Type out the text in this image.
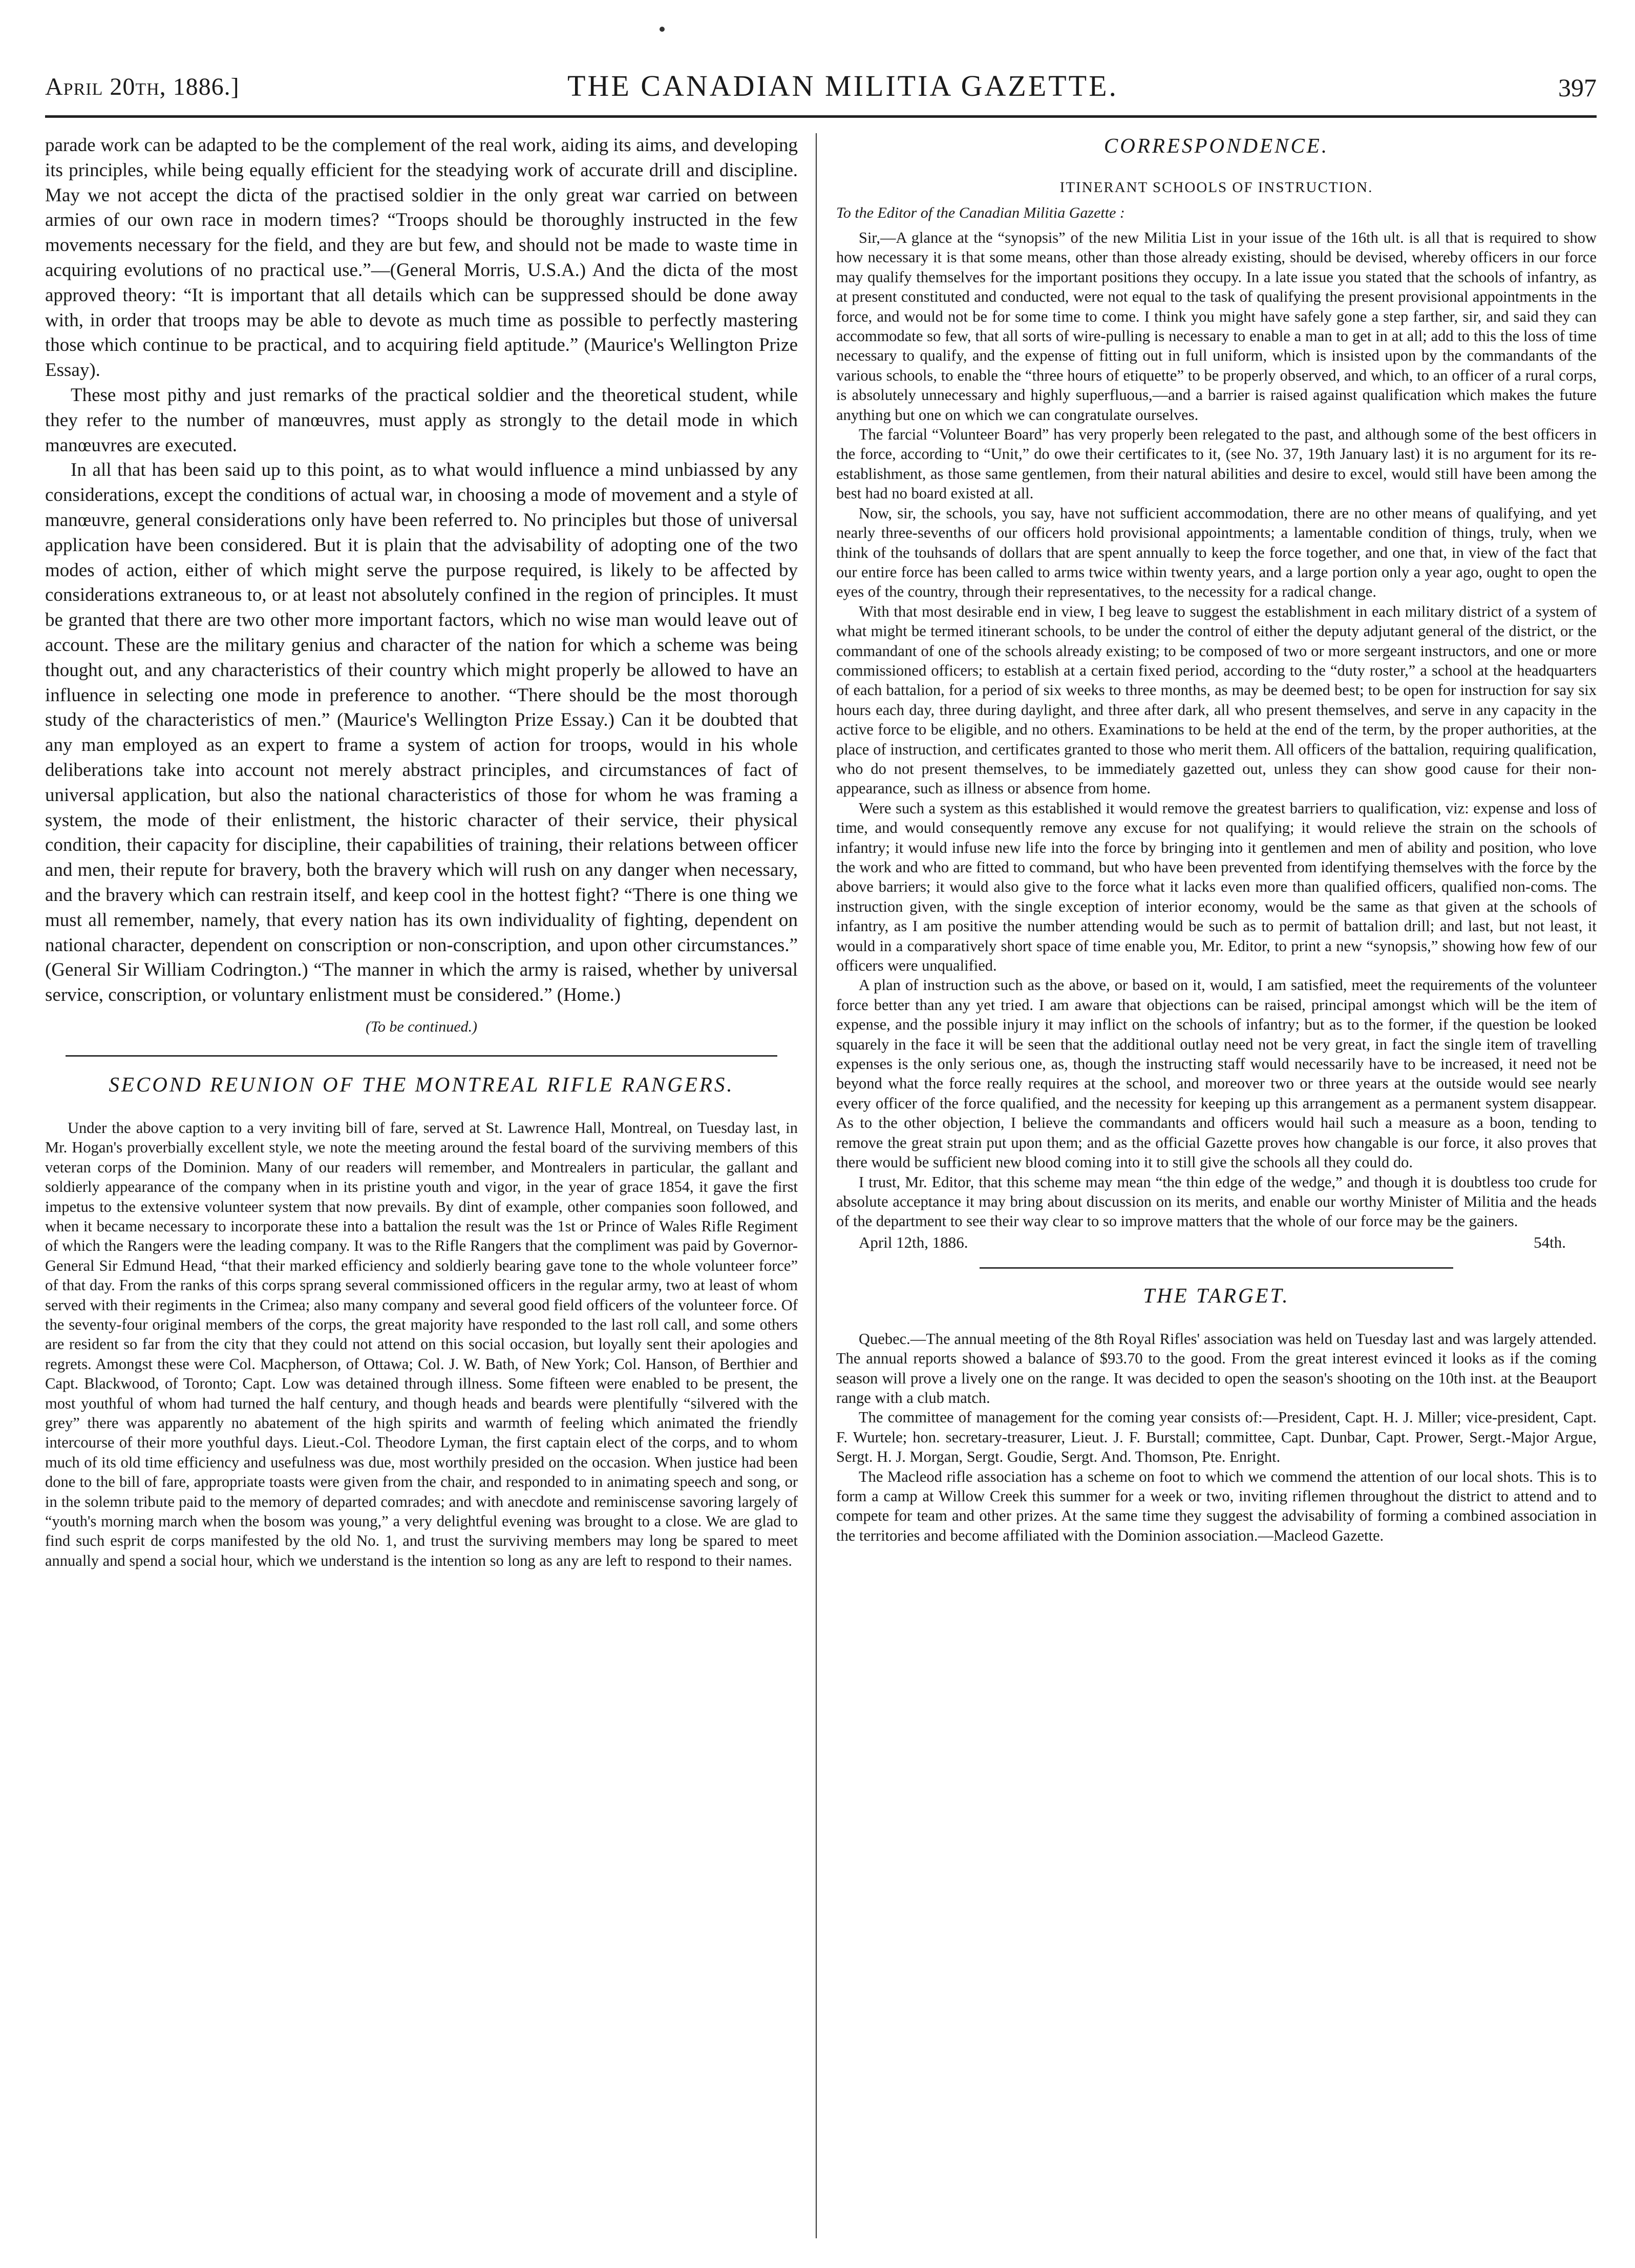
April 20th, 1886.]	THE CANADIAN MILITIA GAZETTE.	397

parade work can be adapted to be the complement of the real work, aiding its aims, and developing its principles, while being equally efficient for the steadying work of accurate drill and discipline. May we not accept the dicta of the practised soldier in the only great war carried on between armies of our own race in modern times? “Troops should be thoroughly instructed in the few movements necessary for the field, and they are but few, and should not be made to waste time in acquiring evolutions of no practical use.”—(General Morris, U.S.A.) And the dicta of the most approved theory: “It is important that all details which can be suppressed should be done away with, in order that troops may be able to devote as much time as possible to perfectly mastering those which continue to be practical, and to acquiring field aptitude.” (Maurice's Wellington Prize Essay).

These most pithy and just remarks of the practical soldier and the theoretical student, while they refer to the number of manœuvres, must apply as strongly to the detail mode in which manœuvres are executed.

In all that has been said up to this point, as to what would influence a mind unbiassed by any considerations, except the conditions of actual war, in choosing a mode of movement and a style of manœuvre, general considerations only have been referred to. No principles but those of universal application have been considered. But it is plain that the advisability of adopting one of the two modes of action, either of which might serve the purpose required, is likely to be affected by considerations extraneous to, or at least not absolutely confined in the region of principles. It must be granted that there are two other more important factors, which no wise man would leave out of account. These are the military genius and character of the nation for which a scheme was being thought out, and any characteristics of their country which might properly be allowed to have an influence in selecting one mode in preference to another. “There should be the most thorough study of the characteristics of men.” (Maurice's Wellington Prize Essay.) Can it be doubted that any man employed as an expert to frame a system of action for troops, would in his whole deliberations take into account not merely abstract principles, and circumstances of fact of universal application, but also the national characteristics of those for whom he was framing a system, the mode of their enlistment, the historic character of their service, their physical condition, their capacity for discipline, their capabilities of training, their relations between officer and men, their repute for bravery, both the bravery which will rush on any danger when necessary, and the bravery which can restrain itself, and keep cool in the hottest fight? “There is one thing we must all remember, namely, that every nation has its own individuality of fighting, dependent on national character, dependent on conscription or non-conscription, and upon other circumstances.” (General Sir William Codrington.) “The manner in which the army is raised, whether by universal service, conscription, or voluntary enlistment must be considered.” (Home.)

(To be continued.)
SECOND REUNION OF THE MONTREAL RIFLE RANGERS.

Under the above caption to a very inviting bill of fare, served at St. Lawrence Hall, Montreal, on Tuesday last, in Mr. Hogan's proverbially excellent style, we note the meeting around the festal board of the surviving members of this veteran corps of the Dominion. Many of our readers will remember, and Montrealers in particular, the gallant and soldierly appearance of the company when in its pristine youth and vigor, in the year of grace 1854, it gave the first impetus to the extensive volunteer system that now prevails. By dint of example, other companies soon followed, and when it became necessary to incorporate these into a battalion the result was the 1st or Prince of Wales Rifle Regiment of which the Rangers were the leading company. It was to the Rifle Rangers that the compliment was paid by Governor-General Sir Edmund Head, “that their marked efficiency and soldierly bearing gave tone to the whole volunteer force” of that day. From the ranks of this corps sprang several commissioned officers in the regular army, two at least of whom served with their regiments in the Crimea; also many company and several good field officers of the volunteer force. Of the seventy-four original members of the corps, the great majority have responded to the last roll call, and some others are resident so far from the city that they could not attend on this social occasion, but loyally sent their apologies and regrets. Amongst these were Col. Macpherson, of Ottawa; Col. J. W. Bath, of New York; Col. Hanson, of Berthier and Capt. Blackwood, of Toronto; Capt. Low was detained through illness. Some fifteen were enabled to be present, the most youthful of whom had turned the half century, and though heads and beards were plentifully “silvered with the grey” there was apparently no abatement of the high spirits and warmth of feeling which animated the friendly intercourse of their more youthful days. Lieut.-Col. Theodore Lyman, the first captain elect of the corps, and to whom much of its old time efficiency and usefulness was due, most worthily presided on the occasion. When justice had been done to the bill of fare, appropriate toasts were given from the chair, and responded to in animating speech and song, or in the solemn tribute paid to the memory of departed comrades; and with anecdote and reminiscense savoring largely of “youth's morning march when the bosom was young,” a very delightful evening was brought to a close. We are glad to find such esprit de corps manifested by the old No. 1, and trust the surviving members may long be spared to meet annually and spend a social hour, which we understand is the intention so long as any are left to respond to their names.

CORRESPONDENCE.
ITINERANT SCHOOLS OF INSTRUCTION.
To the Editor of the Canadian Militia Gazette :

Sir,—A glance at the “synopsis” of the new Militia List in your issue of the 16th ult. is all that is required to show how necessary it is that some means, other than those already existing, should be devised, whereby officers in our force may qualify themselves for the important positions they occupy. In a late issue you stated that the schools of infantry, as at present constituted and conducted, were not equal to the task of qualifying the present provisional appointments in the force, and would not be for some time to come. I think you might have safely gone a step farther, sir, and said they can accommodate so few, that all sorts of wire-pulling is necessary to enable a man to get in at all; add to this the loss of time necessary to qualify, and the expense of fitting out in full uniform, which is insisted upon by the commandants of the various schools, to enable the “three hours of etiquette” to be properly observed, and which, to an officer of a rural corps, is absolutely unnecessary and highly superfluous,—and a barrier is raised against qualification which makes the future anything but one on which we can congratulate ourselves.

The farcial “Volunteer Board” has very properly been relegated to the past, and although some of the best officers in the force, according to “Unit,” do owe their certificates to it, (see No. 37, 19th January last) it is no argument for its re-establishment, as those same gentlemen, from their natural abilities and desire to excel, would still have been among the best had no board existed at all.

Now, sir, the schools, you say, have not sufficient accommodation, there are no other means of qualifying, and yet nearly three-sevenths of our officers hold provisional appointments; a lamentable condition of things, truly, when we think of the touhsands of dollars that are spent annually to keep the force together, and one that, in view of the fact that our entire force has been called to arms twice within twenty years, and a large portion only a year ago, ought to open the eyes of the country, through their representatives, to the necessity for a radical change.

With that most desirable end in view, I beg leave to suggest the establishment in each military district of a system of what might be termed itinerant schools, to be under the control of either the deputy adjutant general of the district, or the commandant of one of the schools already existing; to be composed of two or more sergeant instructors, and one or more commissioned officers; to establish at a certain fixed period, according to the “duty roster,” a school at the headquarters of each battalion, for a period of six weeks to three months, as may be deemed best; to be open for instruction for say six hours each day, three during daylight, and three after dark, all who present themselves, and serve in any capacity in the active force to be eligible, and no others. Examinations to be held at the end of the term, by the proper authorities, at the place of instruction, and certificates granted to those who merit them. All officers of the battalion, requiring qualification, who do not present themselves, to be immediately gazetted out, unless they can show good cause for their non-appearance, such as illness or absence from home.

Were such a system as this established it would remove the greatest barriers to qualification, viz: expense and loss of time, and would consequently remove any excuse for not qualifying; it would relieve the strain on the schools of infantry; it would infuse new life into the force by bringing into it gentlemen and men of ability and position, who love the work and who are fitted to command, but who have been prevented from identifying themselves with the force by the above barriers; it would also give to the force what it lacks even more than qualified officers, qualified non-coms. The instruction given, with the single exception of interior economy, would be the same as that given at the schools of infantry, as I am positive the number attending would be such as to permit of battalion drill; and last, but not least, it would in a comparatively short space of time enable you, Mr. Editor, to print a new “synopsis,” showing how few of our officers were unqualified.

A plan of instruction such as the above, or based on it, would, I am satisfied, meet the requirements of the volunteer force better than any yet tried. I am aware that objections can be raised, principal amongst which will be the item of expense, and the possible injury it may inflict on the schools of infantry; but as to the former, if the question be looked squarely in the face it will be seen that the additional outlay need not be very great, in fact the single item of travelling expenses is the only serious one, as, though the instructing staff would necessarily have to be increased, it need not be beyond what the force really requires at the school, and moreover two or three years at the outside would see nearly every officer of the force qualified, and the necessity for keeping up this arrangement as a permanent system disappear. As to the other objection, I believe the commandants and officers would hail such a measure as a boon, tending to remove the great strain put upon them; and as the official Gazette proves how changable is our force, it also proves that there would be sufficient new blood coming into it to still give the schools all they could do.

I trust, Mr. Editor, that this scheme may mean “the thin edge of the wedge,” and though it is doubtless too crude for absolute acceptance it may bring about discussion on its merits, and enable our worthy Minister of Militia and the heads of the department to see their way clear to so improve matters that the whole of our force may be the gainers.

April 12th, 1886.	54th.
THE TARGET.

Quebec.—The annual meeting of the 8th Royal Rifles' association was held on Tuesday last and was largely attended. The annual reports showed a balance of $93.70 to the good. From the great interest evinced it looks as if the coming season will prove a lively one on the range. It was decided to open the season's shooting on the 10th inst. at the Beauport range with a club match.

The committee of management for the coming year consists of:—President, Capt. H. J. Miller; vice-president, Capt. F. Wurtele; hon. secretary-treasurer, Lieut. J. F. Burstall; committee, Capt. Dunbar, Capt. Prower, Sergt.-Major Argue, Sergt. H. J. Morgan, Sergt. Goudie, Sergt. And. Thomson, Pte. Enright.

The Macleod rifle association has a scheme on foot to which we commend the attention of our local shots. This is to form a camp at Willow Creek this summer for a week or two, inviting riflemen throughout the district to attend and to compete for team and other prizes. At the same time they suggest the advisability of forming a combined association in the territories and become affiliated with the Dominion association.—Macleod Gazette.
